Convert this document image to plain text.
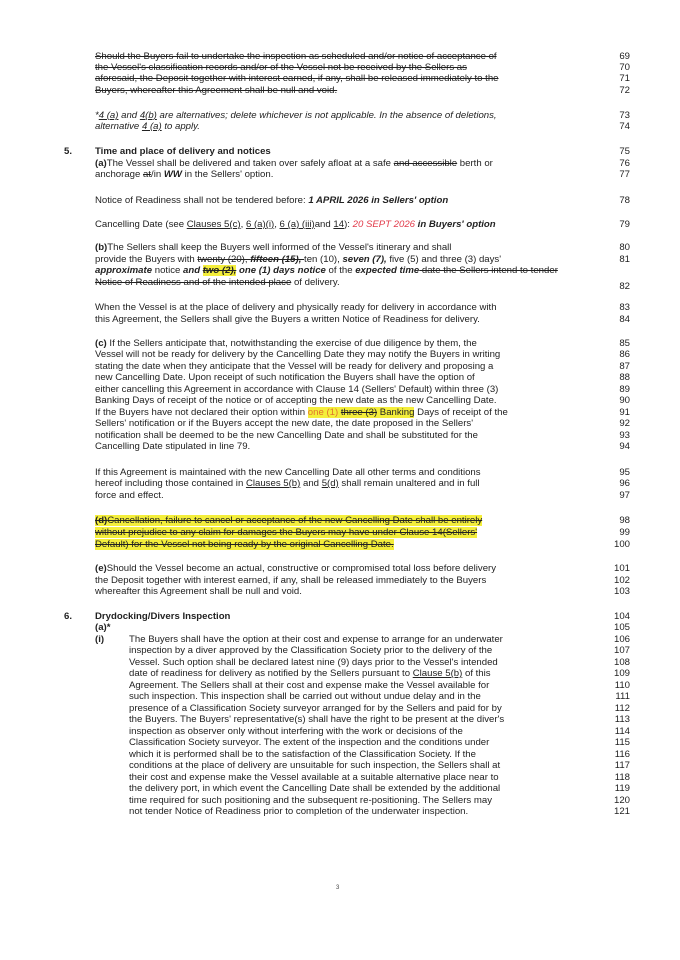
Should the Buyers fail to undertake the inspection as scheduled and/or notice of acceptance of
the Vessel's classification records and/or of the Vessel not be received by the Sellers as
aforesaid, the Deposit together with interest earned, if any, shall be released immediately to the
Buyers, whereafter this Agreement shall be null and void.
69
70
71
72
*4 (a) and 4(b) are alternatives; delete whichever is not applicable. In the absence of deletions,
alternative 4 (a) to apply.
73
74
5. Time and place of delivery and notices
(a)The Vessel shall be delivered and taken over safely afloat at a safe and accessible berth or
anchorage at/in WW in the Sellers' option.
75
76
77
Notice of Readiness shall not be tendered before: 1 APRIL 2026 in Sellers' option	78
Cancelling Date (see Clauses 5(c), 6 (a)(i), 6 (a) (iii)and 14): 20 SEPT 2026 in Buyers' option	79
(b)The Sellers shall keep the Buyers well informed of the Vessel's itinerary and shall
provide the Buyers with twenty (20), fifteen (15), ten (10), seven (7), five (5) and three (3) days'
approximate notice and two (2), one (1) days notice of the expected time date the Sellers intend to tender
Notice of Readiness and of the intended place of delivery.
80
81
82
When the Vessel is at the place of delivery and physically ready for delivery in accordance with
this Agreement, the Sellers shall give the Buyers a written Notice of Readiness for delivery.
83
84
(c) If the Sellers anticipate that, notwithstanding the exercise of due diligence by them, the
Vessel will not be ready for delivery by the Cancelling Date they may notify the Buyers in writing
stating the date when they anticipate that the Vessel will be ready for delivery and proposing a
new Cancelling Date. Upon receipt of such notification the Buyers shall have the option of
either cancelling this Agreement in accordance with Clause 14 (Sellers' Default) within three (3)
Banking Days of receipt of the notice or of accepting the new date as the new Cancelling Date.
If the Buyers have not declared their option within one (1) three (3) Banking Days of receipt of the
Sellers' notification or if the Buyers accept the new date, the date proposed in the Sellers'
notification shall be deemed to be the new Cancelling Date and shall be substituted for the
Cancelling Date stipulated in line 79.
85
86
87
88
89
90
91
92
93
94
If this Agreement is maintained with the new Cancelling Date all other terms and conditions
hereof including those contained in Clauses 5(b) and 5(d) shall remain unaltered and in full
force and effect.
95
96
97
(d)Cancellation, failure to cancel or acceptance of the new Cancelling Date shall be entirely
without prejudice to any claim for damages the Buyers may have under Clause 14(Sellers'
Default) for the Vessel not being ready by the original Cancelling Date.
98
99
100
(e)Should the Vessel become an actual, constructive or compromised total loss before delivery
the Deposit together with interest earned, if any, shall be released immediately to the Buyers
whereafter this Agreement shall be null and void.
101
102
103
6. Drydocking/Divers Inspection
(a)*
(i)
104
105
The Buyers shall have the option at their cost and expense to arrange for an underwater
inspection by a diver approved by the Classification Society prior to the delivery of the
Vessel. Such option shall be declared latest nine (9) days prior to the Vessel's intended
date of readiness for delivery as notified by the Sellers pursuant to Clause 5(b) of this
Agreement. The Sellers shall at their cost and expense make the Vessel available for
such inspection. This inspection shall be carried out without undue delay and in the
presence of a Classification Society surveyor arranged for by the Sellers and paid for by
the Buyers. The Buyers' representative(s) shall have the right to be present at the diver's
inspection as observer only without interfering with the work or decisions of the
Classification Society surveyor. The extent of the inspection and the conditions under
which it is performed shall be to the satisfaction of the Classification Society. If the
conditions at the place of delivery are unsuitable for such inspection, the Sellers shall at
their cost and expense make the Vessel available at a suitable alternative place near to
the delivery port, in which event the Cancelling Date shall be extended by the additional
time required for such positioning and the subsequent re-positioning. The Sellers may
not tender Notice of Readiness prior to completion of the underwater inspection.
106
107
108
109
110
111
112
113
114
115
116
117
118
119
120
121
3
